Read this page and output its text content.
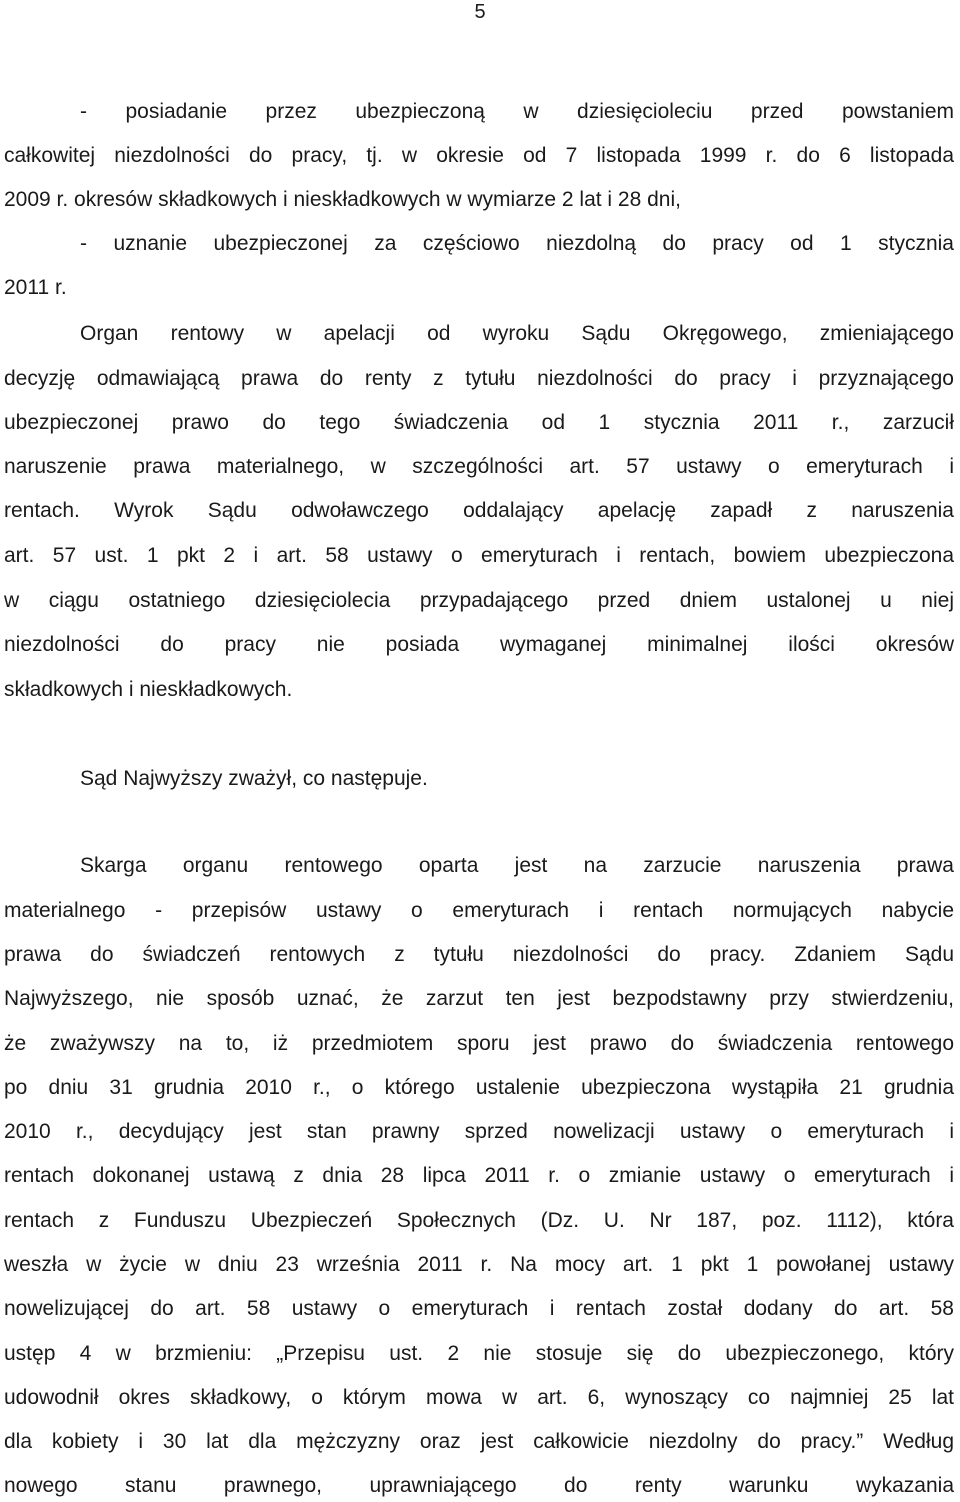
5
- posiadanie przez ubezpieczoną w dziesięcioleciu przed powstaniem
całkowitej niezdolności do pracy, tj. w okresie od 7 listopada 1999 r. do 6 listopada
2009 r. okresów składkowych i nieskładkowych w wymiarze 2 lat i 28 dni,
- uznanie ubezpieczonej za częściowo niezdolną do pracy od 1 stycznia
2011 r.
Organ rentowy w apelacji od wyroku Sądu Okręgowego, zmieniającego
decyzję odmawiającą prawa do renty z tytułu niezdolności do pracy i przyznającego
ubezpieczonej prawo do tego świadczenia od 1 stycznia 2011 r., zarzucił
naruszenie prawa materialnego, w szczególności art. 57 ustawy o emeryturach i
rentach. Wyrok Sądu odwoławczego oddalający apelację zapadł z naruszenia
art. 57 ust. 1 pkt 2 i art. 58 ustawy o emeryturach i rentach, bowiem ubezpieczona
w ciągu ostatniego dziesięciolecia przypadającego przed dniem ustalonej u niej
niezdolności do pracy nie posiada wymaganej minimalnej ilości okresów
składkowych i nieskładkowych.
Sąd Najwyższy zważył, co następuje.
Skarga organu rentowego oparta jest na zarzucie naruszenia prawa
materialnego - przepisów ustawy o emeryturach i rentach normujących nabycie
prawa do świadczeń rentowych z tytułu niezdolności do pracy. Zdaniem Sądu
Najwyższego, nie sposób uznać, że zarzut ten jest bezpodstawny przy stwierdzeniu,
że zważywszy na to, iż przedmiotem sporu jest prawo do świadczenia rentowego
po dniu 31 grudnia 2010 r., o którego ustalenie ubezpieczona wystąpiła 21 grudnia
2010 r., decydujący jest stan prawny sprzed nowelizacji ustawy o emeryturach i
rentach dokonanej ustawą z dnia 28 lipca 2011 r. o zmianie ustawy o emeryturach i
rentach z Funduszu Ubezpieczeń Społecznych (Dz. U. Nr 187, poz. 1112), która
weszła w życie w dniu 23 września 2011 r. Na mocy art. 1 pkt 1 powołanej ustawy
nowelizującej do art. 58 ustawy o emeryturach i rentach został dodany do art. 58
ustęp 4 w brzmieniu: „Przepisu ust. 2 nie stosuje się do ubezpieczonego, który
udowodnił okres składkowy, o którym mowa w art. 6, wynoszący co najmniej 25 lat
dla kobiety i 30 lat dla mężczyzny oraz jest całkowicie niezdolny do pracy.” Według
nowego stanu prawnego, uprawniającego do renty warunku wykazania
